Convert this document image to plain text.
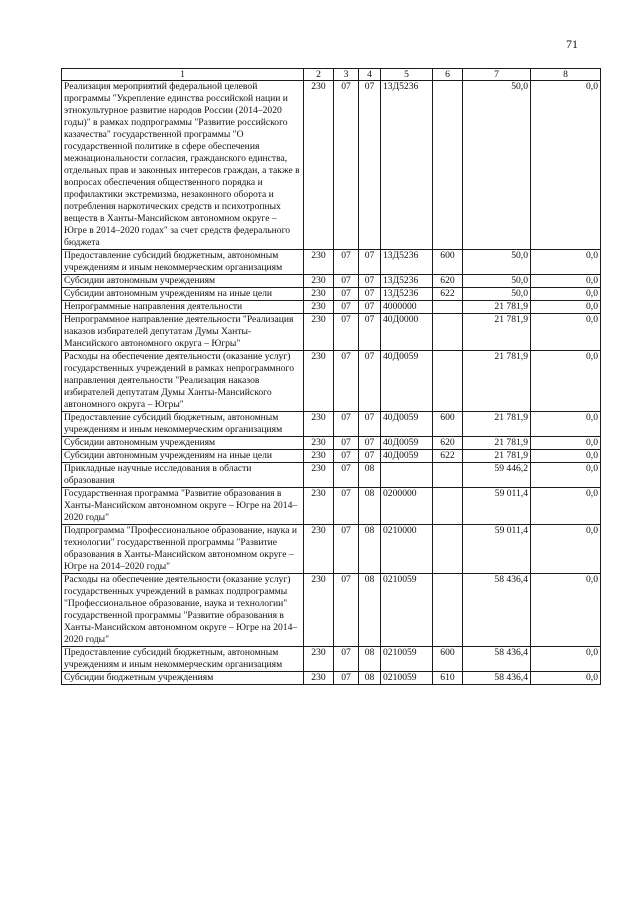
71
1	2	3	4	5	6	7	8
Реализация мероприятий федеральной целевой программы "Укрепление единства российской нации и этнокультурное развитие народов России (2014–2020 годы)" в рамках подпрограммы "Развитие российского казачества" государственной программы "О государственной политике в сфере обеспечения межнациональности согласия, гражданского единства, отдельных прав и законных интересов граждан, а также в вопросах обеспечения общественного порядка и профилактики экстремизма, незаконного оборота и потребления наркотических средств и психотропных веществ в Ханты-Мансийском автономном округе – Югре в 2014–2020 годах" за счет средств федерального бюджета	230	07	07	13Д5236		50,0	0,0
Предоставление субсидий бюджетным, автономным учреждениям и иным некоммерческим организациям	230	07	07	13Д5236	600	50,0	0,0
Субсидии автономным учреждениям	230	07	07	13Д5236	620	50,0	0,0
Субсидии автономным учреждениям на иные цели	230	07	07	13Д5236	622	50,0	0,0
Непрограммные направления деятельности	230	07	07	4000000		21 781,9	0,0
Непрограммное направление деятельности "Реализация наказов избирателей депутатам Думы Ханты-Мансийского автономного округа – Югры"	230	07	07	40Д0000		21 781,9	0,0
Расходы на обеспечение деятельности (оказание услуг) государственных учреждений в рамках непрограммного направления деятельности "Реализация наказов избирателей депутатам Думы Ханты-Мансийского автономного округа – Югры"	230	07	07	40Д0059		21 781,9	0,0
Предоставление субсидий бюджетным, автономным учреждениям и иным некоммерческим организациям	230	07	07	40Д0059	600	21 781,9	0,0
Субсидии автономным учреждениям	230	07	07	40Д0059	620	21 781,9	0,0
Субсидии автономным учреждениям на иные цели	230	07	07	40Д0059	622	21 781,9	0,0
Прикладные научные исследования в области образования	230	07	08			59 446,2	0,0
Государственная программа "Развитие образования в Ханты-Мансийском автономном округе – Югре на 2014–2020 годы"	230	07	08	0200000		59 011,4	0,0
Подпрограмма "Профессиональное образование, наука и технологии" государственной программы "Развитие образования в Ханты-Мансийском автономном округе – Югре на 2014–2020 годы"	230	07	08	0210000		59 011,4	0,0
Расходы на обеспечение деятельности (оказание услуг) государственных учреждений в рамках подпрограммы "Профессиональное образование, наука и технологии" государственной программы "Развитие образования в Ханты-Мансийском автономном округе – Югре на 2014–2020 годы"	230	07	08	0210059		58 436,4	0,0
Предоставление субсидий бюджетным, автономным учреждениям и иным некоммерческим организациям	230	07	08	0210059	600	58 436,4	0,0
Субсидии бюджетным учреждениям	230	07	08	0210059	610	58 436,4	0,0
